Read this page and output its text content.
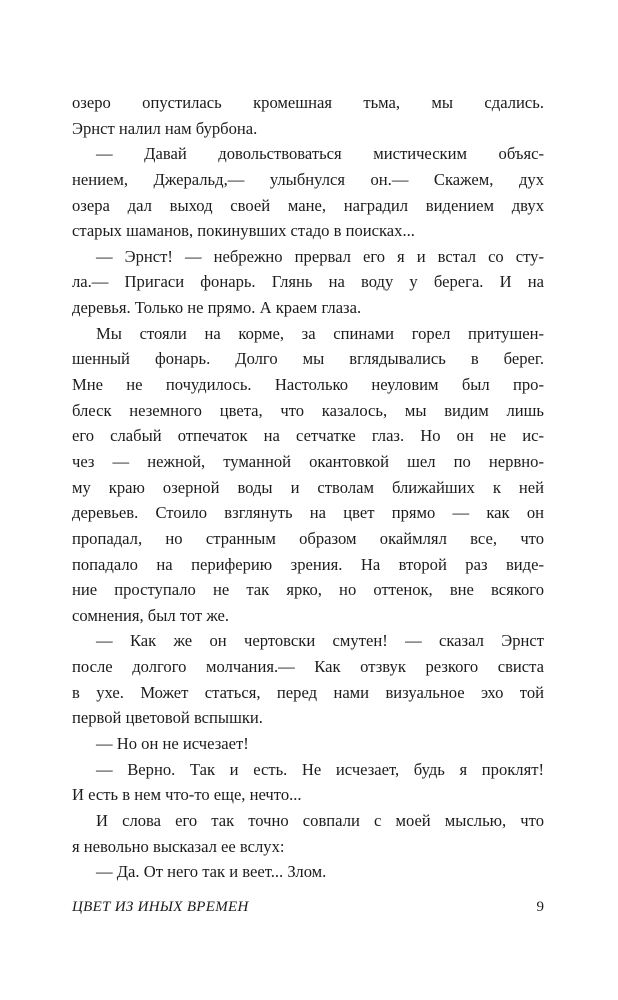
озеро опустилась кромешная тьма, мы сдались.
Эрнст налил нам бурбона.
— Давай довольствоваться мистическим объяс-
нением, Джеральд,— улыбнулся он.— Скажем, дух
озера дал выход своей мане, наградил видением двух
старых шаманов, покинувших стадо в поисках...
— Эрнст! — небрежно прервал его я и встал со сту-
ла.— Пригаси фонарь. Глянь на воду у берега. И на
деревья. Только не прямо. А краем глаза.
Мы стояли на корме, за спинами горел притушен-
шенный фонарь. Долго мы вглядывались в берег.
Мне не почудилось. Настолько неуловим был про-
блеск неземного цвета, что казалось, мы видим лишь
его слабый отпечаток на сетчатке глаз. Но он не ис-
чез — нежной, туманной окантовкой шел по нервно-
му краю озерной воды и стволам ближайших к ней
деревьев. Стоило взглянуть на цвет прямо — как он
пропадал, но странным образом окаймлял все, что
попадало на периферию зрения. На второй раз виде-
ние проступало не так ярко, но оттенок, вне всякого
сомнения, был тот же.
— Как же он чертовски смутен! — сказал Эрнст
после долгого молчания.— Как отзвук резкого свиста
в ухе. Может статься, перед нами визуальное эхо той
первой цветовой вспышки.
— Но он не исчезает!
— Верно. Так и есть. Не исчезает, будь я проклят!
И есть в нем что-то еще, нечто...
И слова его так точно совпали с моей мыслью, что
я невольно высказал ее вслух:
— Да. От него так и веет... Злом.
ЦВЕТ ИЗ ИНЫХ ВРЕМЕН	9
